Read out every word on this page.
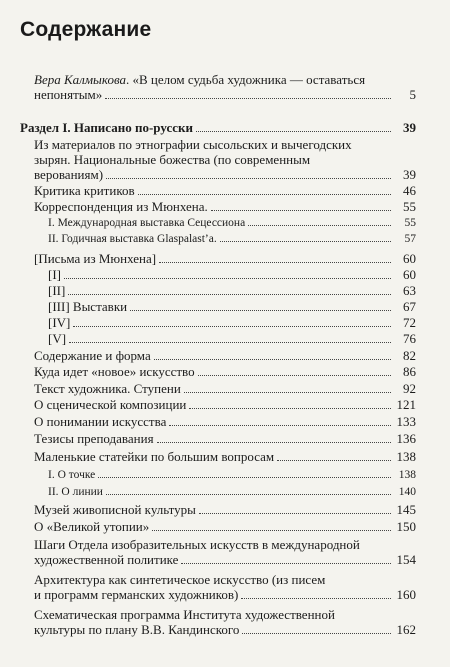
Содержание
Вера Калмыкова. «В целом судьба художника — оставаться
непонятым»	5
Раздел I. Написано по-русски	39
Из материалов по этнографии сысольских и вычегодских
зырян. Национальные божества (по современным
верованиям)	39
Критика критиков	46
Корреспонденция из Мюнхена.	55
I. Международная выставка Сецессиона	55
II. Годичная выставка Glaspalast’a.	57
[Письма из Мюнхена]	60
[I]	60
[II]	63
[III] Выставки	67
[IV]	72
[V]	76
Содержание и форма	82
Куда идет «новое» искусство	86
Текст художника. Ступени	92
О сценической композиции	121
О понимании искусства	133
Тезисы преподавания	136
Маленькие статейки по большим вопросам	138
I. О точке	138
II. О линии	140
Музей живописной культуры	145
О «Великой утопии»	150
Шаги Отдела изобразительных искусств в международной
художественной политике	154
Архитектура как синтетическое искусство (из писем
и программ германских художников)	160
Схематическая программа Института художественной
культуры по плану В.В. Кандинского	162
